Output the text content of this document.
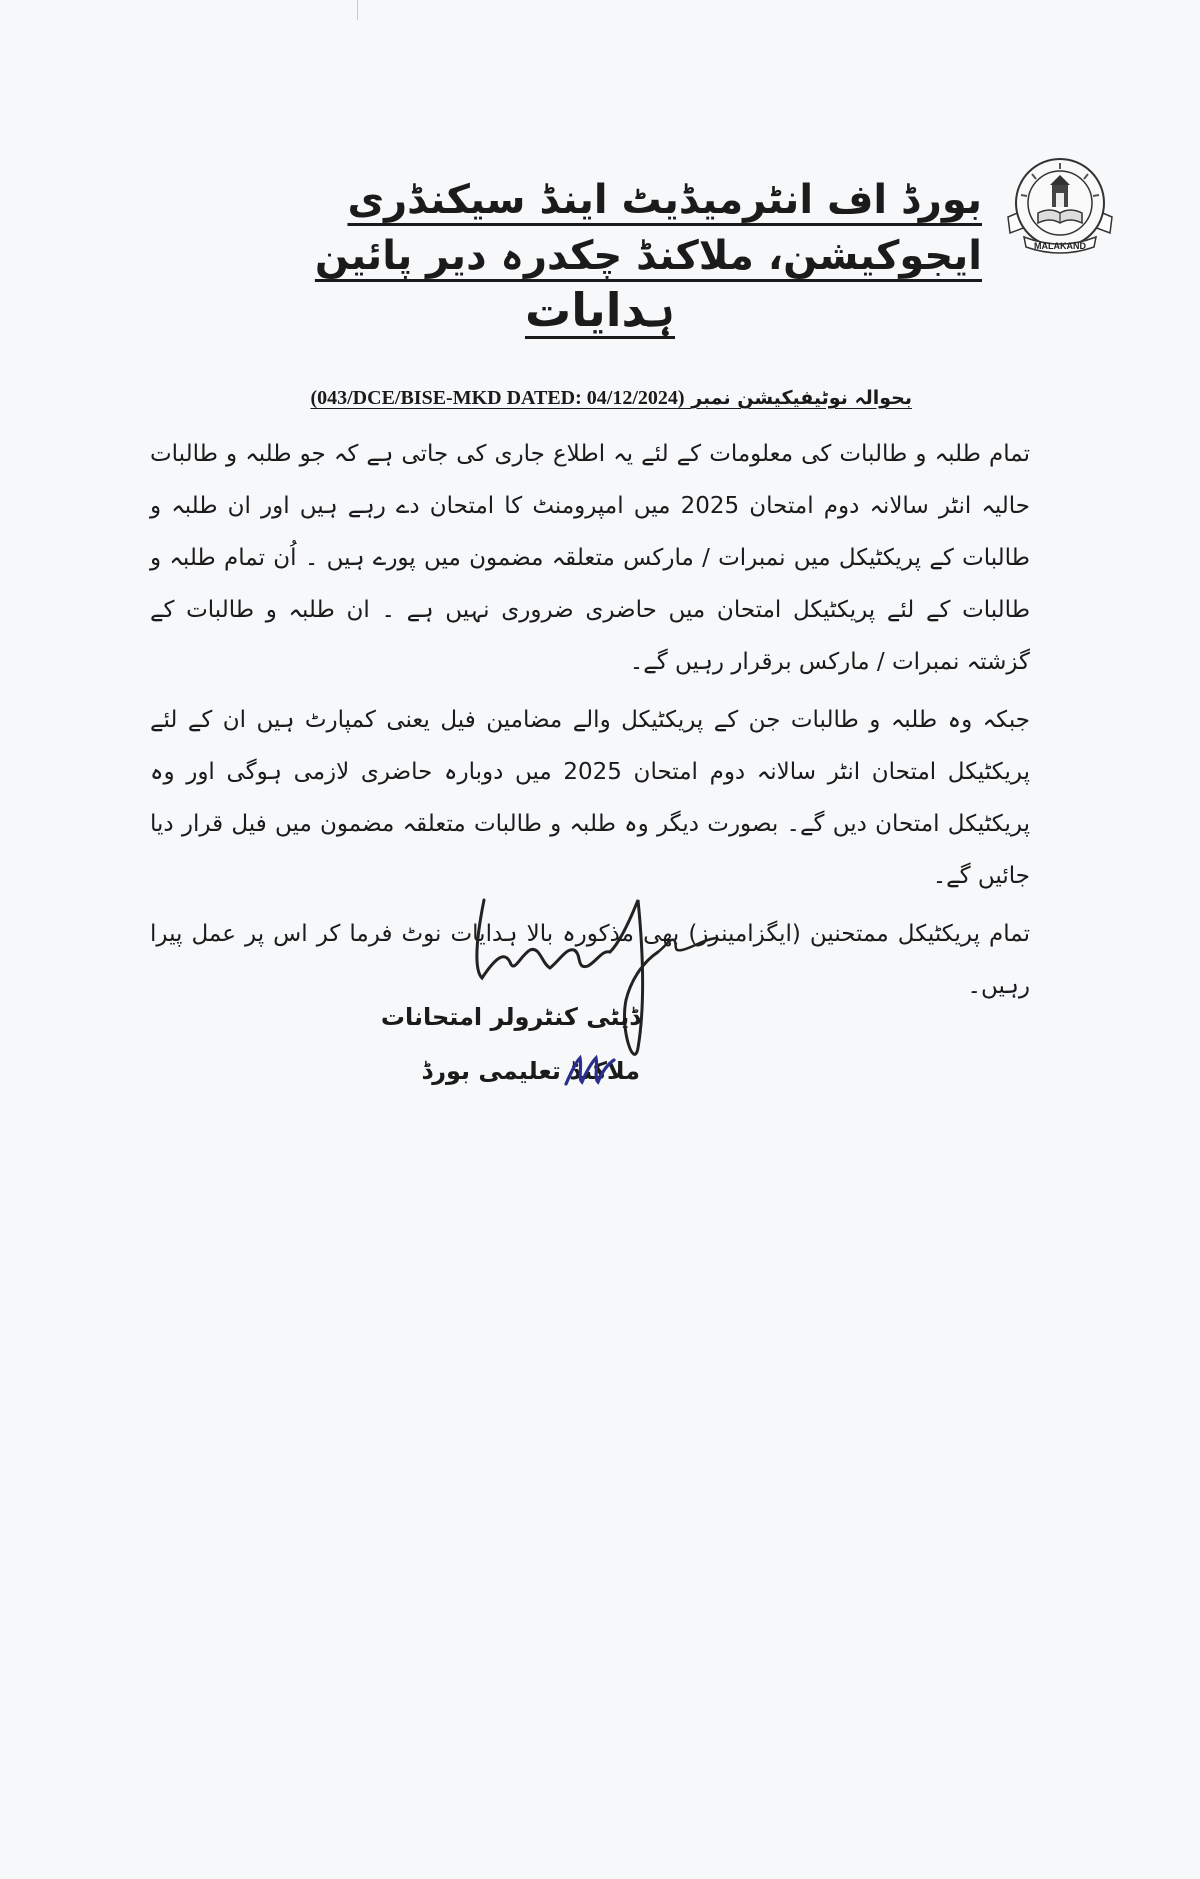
بورڈ اف انٹرمیڈیٹ اینڈ سیکنڈری ایجوکیشن، ملاکنڈ چکدرہ دیر پائین	MALAKAND
ہدایات
بحوالہ نوٹیفیکیشن نمبر (043/DCE/BISE-MKD DATED: 04/12/2024)

تمام طلبہ و طالبات کی معلومات کے لئے یہ اطلاع جاری کی جاتی ہے کہ جو طلبہ و طالبات حالیہ انٹر سالانہ دوم امتحان 2025 میں امپرومنٹ کا امتحان دے رہے ہیں اور ان طلبہ و طالبات کے پریکٹیکل میں نمبرات / مارکس متعلقہ مضمون میں پورے ہیں ۔ اُن تمام طلبہ و طالبات کے لئے پریکٹیکل امتحان میں حاضری ضروری نہیں ہے ۔ ان طلبہ و طالبات کے گزشتہ نمبرات / مارکس برقرار رہیں گے۔

جبکہ وہ طلبہ و طالبات جن کے پریکٹیکل والے مضامین فیل یعنی کمپارٹ ہیں ان کے لئے پریکٹیکل امتحان انٹر سالانہ دوم امتحان 2025 میں دوبارہ حاضری لازمی ہوگی اور وہ پریکٹیکل امتحان دیں گے۔ بصورت دیگر وہ طلبہ و طالبات متعلقہ مضمون میں فیل قرار دیا جائیں گے۔

تمام پریکٹیکل ممتحنین (ایگزامینرز) بھی مذکورہ بالا ہدایات نوٹ فرما کر اس پر عمل پیرا رہیں۔

ڈپٹی کنٹرولر امتحانات
ملاکنڈ تعلیمی بورڈ
